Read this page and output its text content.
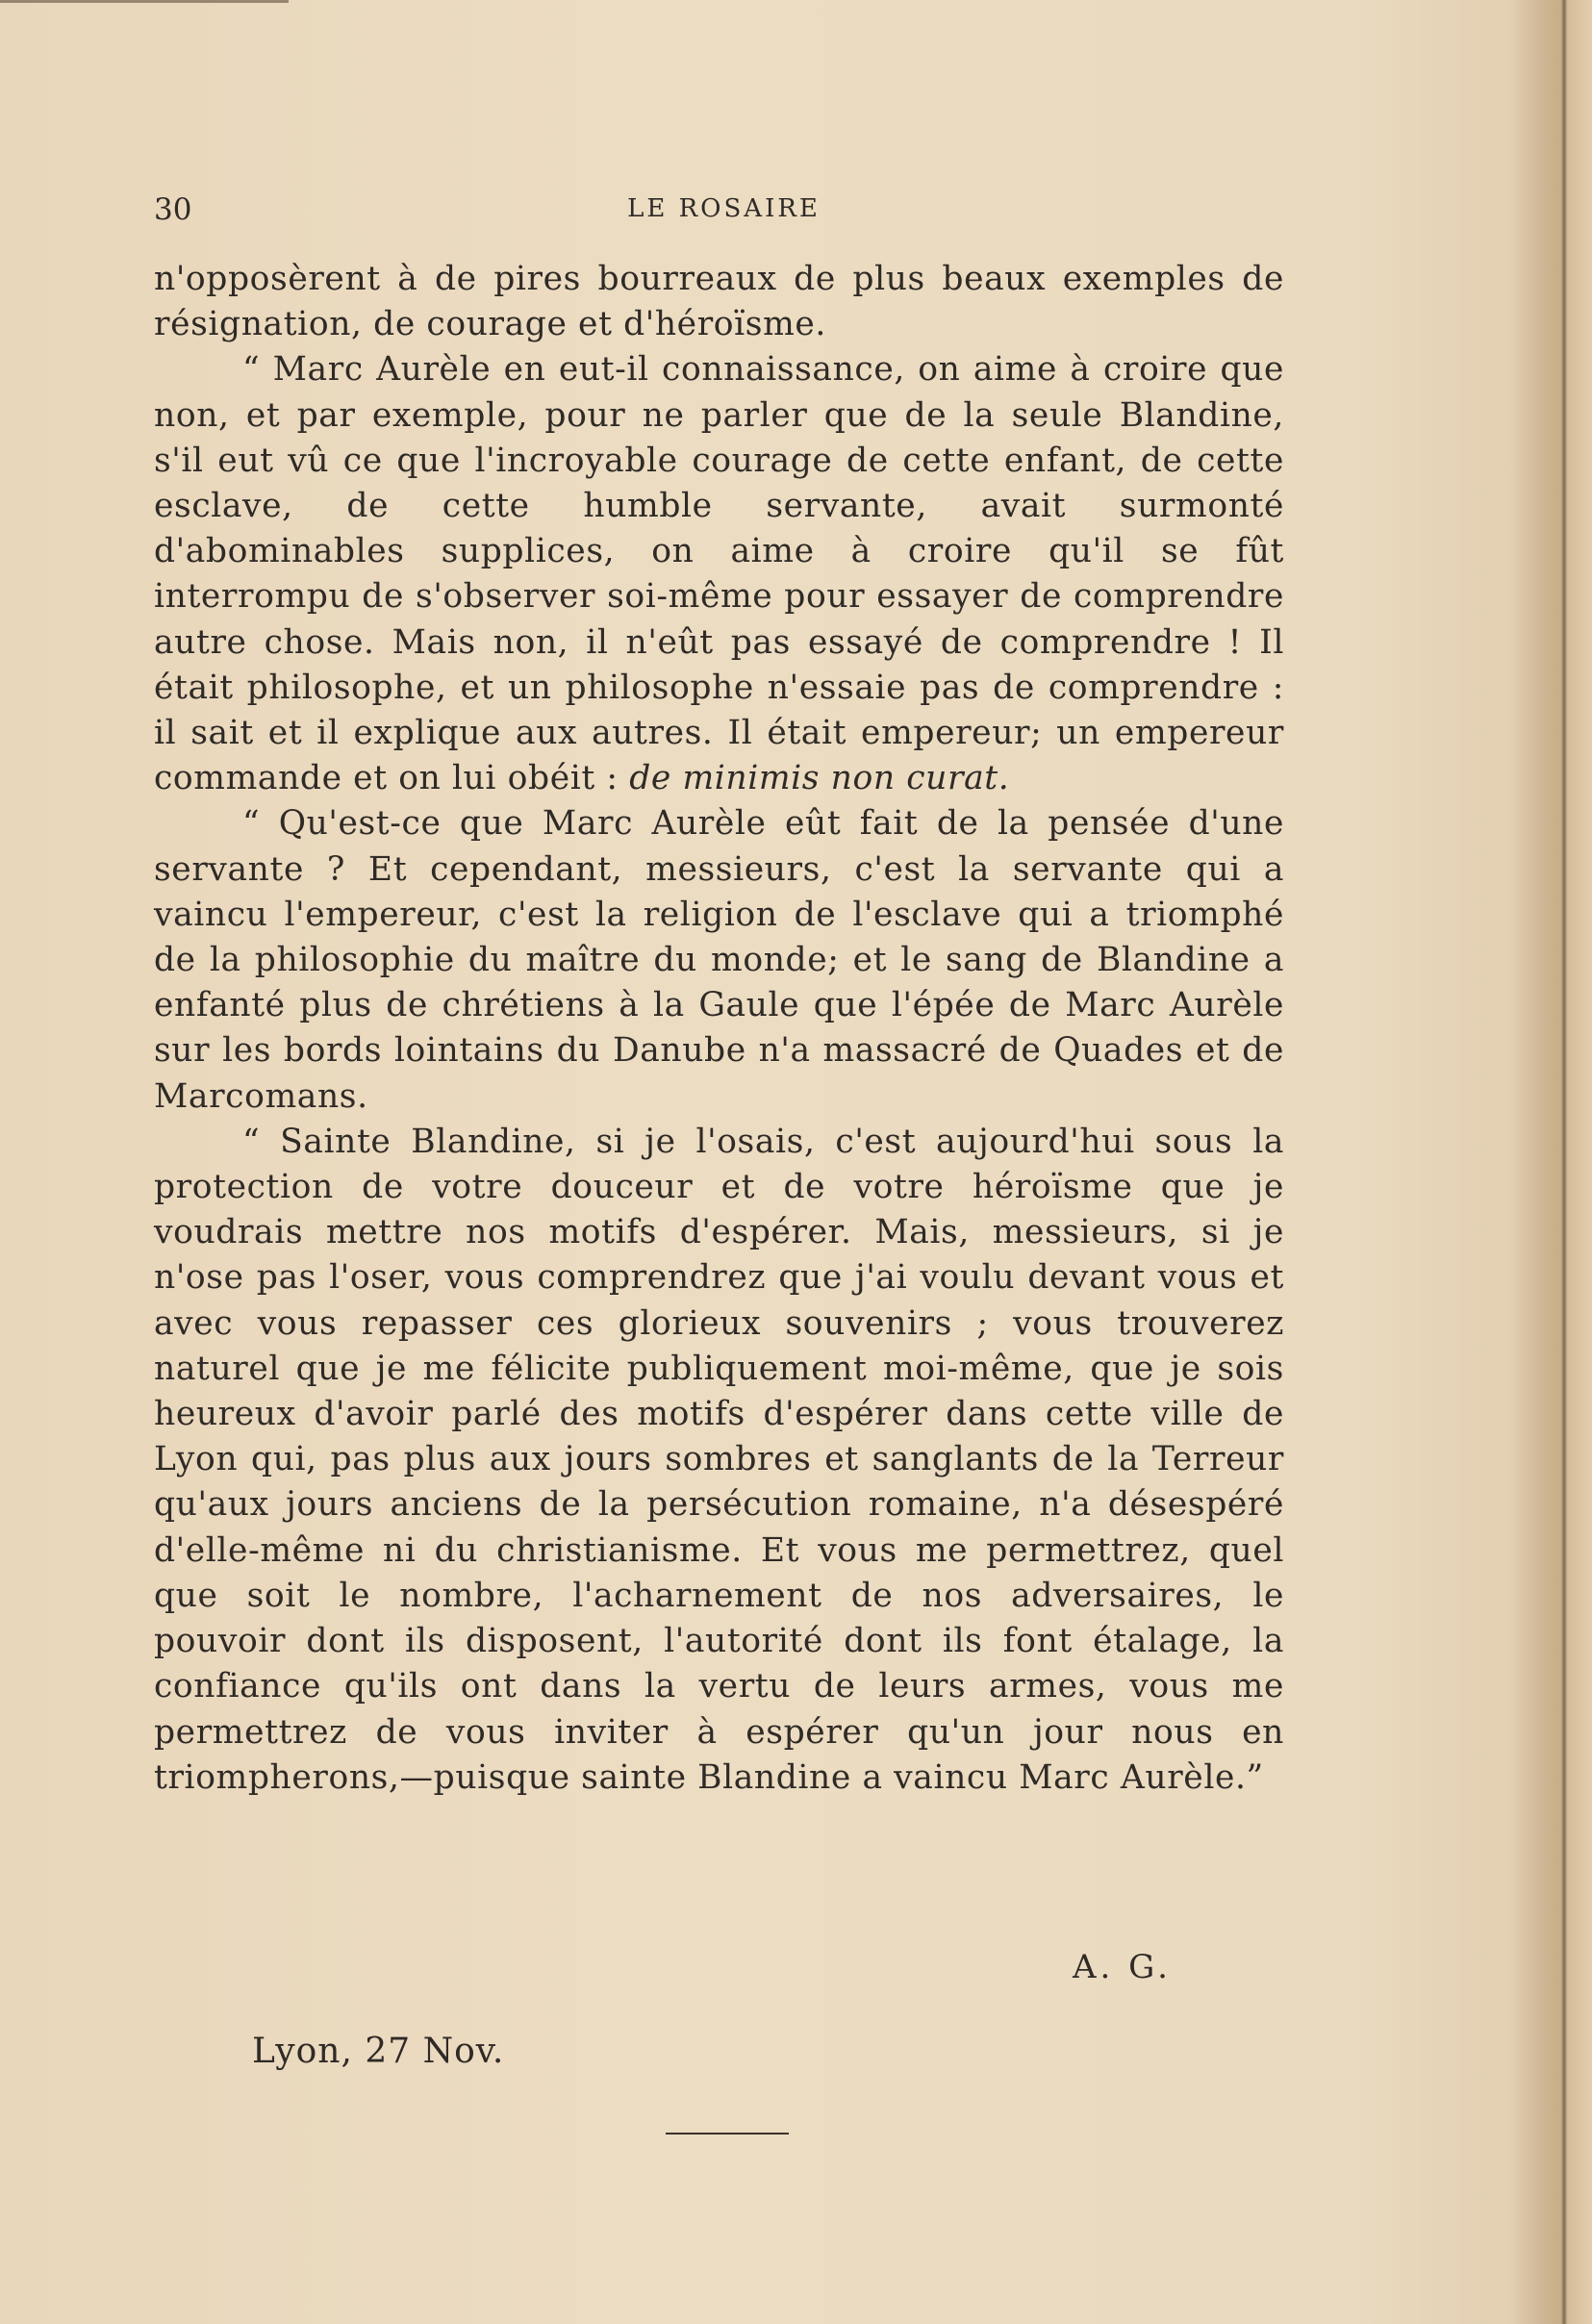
30	LE ROSAIRE

n'opposèrent à de pires bourreaux de plus beaux exemples de résignation, de courage et d'héroïsme.

“ Marc Aurèle en eut-il connaissance, on aime à croire que non, et par exemple, pour ne parler que de la seule Blandine, s'il eut vû ce que l'incroyable courage de cette enfant, de cette esclave, de cette humble servante, avait surmonté d'abominables supplices, on aime à croire qu'il se fût interrompu de s'observer soi-même pour essayer de comprendre autre chose. Mais non, il n'eût pas essayé de comprendre ! Il était philosophe, et un philosophe n'essaie pas de comprendre : il sait et il explique aux autres. Il était empereur; un empereur commande et on lui obéit : de minimis non curat.

“ Qu'est-ce que Marc Aurèle eût fait de la pensée d'une servante ? Et cependant, messieurs, c'est la servante qui a vaincu l'empereur, c'est la religion de l'esclave qui a triomphé de la philosophie du maître du monde; et le sang de Blandine a enfanté plus de chrétiens à la Gaule que l'épée de Marc Aurèle sur les bords lointains du Danube n'a massacré de Quades et de Marcomans.

“ Sainte Blandine, si je l'osais, c'est aujourd'hui sous la protection de votre douceur et de votre héroïsme que je voudrais mettre nos motifs d'espérer. Mais, messieurs, si je n'ose pas l'oser, vous comprendrez que j'ai voulu devant vous et avec vous repasser ces glorieux souvenirs ; vous trouverez naturel que je me félicite publiquement moi-même, que je sois heureux d'avoir parlé des motifs d'espérer dans cette ville de Lyon qui, pas plus aux jours sombres et sanglants de la Terreur qu'aux jours anciens de la persécution romaine, n'a désespéré d'elle-même ni du christianisme. Et vous me permettrez, quel que soit le nombre, l'acharnement de nos adversaires, le pouvoir dont ils disposent, l'autorité dont ils font étalage, la confiance qu'ils ont dans la vertu de leurs armes, vous me permettrez de vous inviter à espérer qu'un jour nous en triompherons,—puisque sainte Blandine a vaincu Marc Aurèle.”

A. G.
Lyon, 27 Nov.
